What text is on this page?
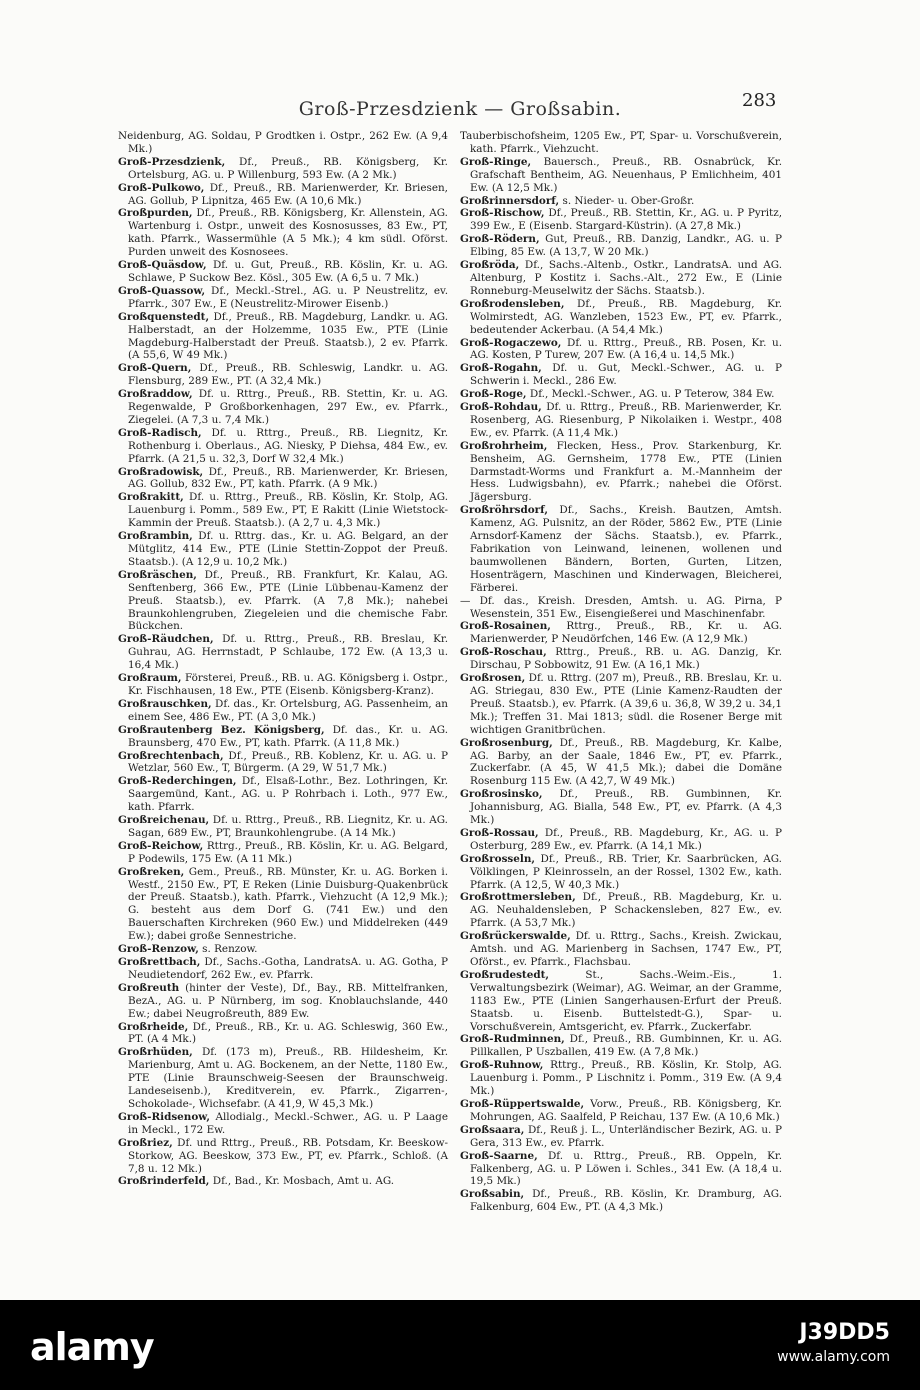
Groß-Przesdzienk — Großsabin.	283

Neidenburg, AG. Soldau, P Grodtken i. Ostpr., 262 Ew. (A 9,4 Mk.)

Groß-Przesdzienk, Df., Preuß., RB. Königsberg, Kr. Ortelsburg, AG. u. P Willenburg, 593 Ew. (A 2 Mk.)

Groß-Pulkowo, Df., Preuß., RB. Marienwerder, Kr. Briesen, AG. Gollub, P Lipnitza, 465 Ew. (A 10,6 Mk.)

Großpurden, Df., Preuß., RB. Königsberg, Kr. Allenstein, AG. Wartenburg i. Ostpr., unweit des Kosnosusses, 83 Ew., PT, kath. Pfarrk., Wassermühle (A 5 Mk.); 4 km südl. Oförst. Purden unweit des Kosnosees.

Groß-Quäsdow, Df. u. Gut, Preuß., RB. Köslin, Kr. u. AG. Schlawe, P Suckow Bez. Kösl., 305 Ew. (A 6,5 u. 7 Mk.)

Groß-Quassow, Df., Meckl.-Strel., AG. u. P Neustrelitz, ev. Pfarrk., 307 Ew., E (Neustrelitz-Mirower Eisenb.)

Großquenstedt, Df., Preuß., RB. Magdeburg, Landkr. u. AG. Halberstadt, an der Holzemme, 1035 Ew., PTE (Linie Magdeburg-Halberstadt der Preuß. Staatsb.), 2 ev. Pfarrk. (A 55,6, W 49 Mk.)

Groß-Quern, Df., Preuß., RB. Schleswig, Landkr. u. AG. Flensburg, 289 Ew., PT. (A 32,4 Mk.)

Großraddow, Df. u. Rttrg., Preuß., RB. Stettin, Kr. u. AG. Regenwalde, P Großborkenhagen, 297 Ew., ev. Pfarrk., Ziegelei. (A 7,3 u. 7,4 Mk.)

Groß-Radisch, Df. u. Rttrg., Preuß., RB. Liegnitz, Kr. Rothenburg i. Oberlaus., AG. Niesky, P Diehsa, 484 Ew., ev. Pfarrk. (A 21,5 u. 32,3, Dorf W 32,4 Mk.)

Großradowisk, Df., Preuß., RB. Marienwerder, Kr. Briesen, AG. Gollub, 832 Ew., PT, kath. Pfarrk. (A 9 Mk.)

Großrakitt, Df. u. Rttrg., Preuß., RB. Köslin, Kr. Stolp, AG. Lauenburg i. Pomm., 589 Ew., PT, E Rakitt (Linie Wietstock-Kammin der Preuß. Staatsb.). (A 2,7 u. 4,3 Mk.)

Großrambin, Df. u. Rttrg. das., Kr. u. AG. Belgard, an der Mütglitz, 414 Ew., PTE (Linie Stettin-Zoppot der Preuß. Staatsb.). (A 12,9 u. 10,2 Mk.)

Großräschen, Df., Preuß., RB. Frankfurt, Kr. Kalau, AG. Senftenberg, 366 Ew., PTE (Linie Lübbenau-Kamenz der Preuß. Staatsb.), ev. Pfarrk. (A 7,8 Mk.); nahebei Braunkohlengruben, Ziegeleien und die chemische Fabr. Bückchen.

Groß-Räudchen, Df. u. Rttrg., Preuß., RB. Breslau, Kr. Guhrau, AG. Herrnstadt, P Schlaube, 172 Ew. (A 13,3 u. 16,4 Mk.)

Großraum, Försterei, Preuß., RB. u. AG. Königsberg i. Ostpr., Kr. Fischhausen, 18 Ew., PTE (Eisenb. Königsberg-Kranz).

Großrauschken, Df. das., Kr. Ortelsburg, AG. Passenheim, an einem See, 486 Ew., PT. (A 3,0 Mk.)

Großrautenberg Bez. Königsberg, Df. das., Kr. u. AG. Braunsberg, 470 Ew., PT, kath. Pfarrk. (A 11,8 Mk.)

Großrechtenbach, Df., Preuß., RB. Koblenz, Kr. u. AG. u. P Wetzlar, 560 Ew., T, Bürgerm. (A 29, W 51,7 Mk.)

Groß-Rederchingen, Df., Elsaß-Lothr., Bez. Lothringen, Kr. Saargemünd, Kant., AG. u. P Rohrbach i. Loth., 977 Ew., kath. Pfarrk.

Großreichenau, Df. u. Rttrg., Preuß., RB. Liegnitz, Kr. u. AG. Sagan, 689 Ew., PT, Braunkohlengrube. (A 14 Mk.)

Groß-Reichow, Rttrg., Preuß., RB. Köslin, Kr. u. AG. Belgard, P Podewils, 175 Ew. (A 11 Mk.)

Großreken, Gem., Preuß., RB. Münster, Kr. u. AG. Borken i. Westf., 2150 Ew., PT, E Reken (Linie Duisburg-Quakenbrück der Preuß. Staatsb.), kath. Pfarrk., Viehzucht (A 12,9 Mk.); G. besteht aus dem Dorf G. (741 Ew.) und den Bauerschaften Kirchreken (960 Ew.) und Middelreken (449 Ew.); dabei große Sennestriche.

Groß-Renzow, s. Renzow.

Großrettbach, Df., Sachs.-Gotha, LandratsA. u. AG. Gotha, P Neudietendorf, 262 Ew., ev. Pfarrk.

Großreuth (hinter der Veste), Df., Bay., RB. Mittelfranken, BezA., AG. u. P Nürnberg, im sog. Knoblauchslande, 440 Ew.; dabei Neugroßreuth, 889 Ew.

Großrheide, Df., Preuß., RB., Kr. u. AG. Schleswig, 360 Ew., PT. (A 4 Mk.)

Großrhüden, Df. (173 m), Preuß., RB. Hildesheim, Kr. Marienburg, Amt u. AG. Bockenem, an der Nette, 1180 Ew., PTE (Linie Braunschweig-Seesen der Braunschweig. Landeseisenb.), Kreditverein, ev. Pfarrk., Zigarren-, Schokolade-, Wichsefabr. (A 41,9, W 45,3 Mk.)

Groß-Ridsenow, Allodialg., Meckl.-Schwer., AG. u. P Laage in Meckl., 172 Ew.

Großriez, Df. und Rttrg., Preuß., RB. Potsdam, Kr. Beeskow-Storkow, AG. Beeskow, 373 Ew., PT, ev. Pfarrk., Schloß. (A 7,8 u. 12 Mk.)

Großrinderfeld, Df., Bad., Kr. Mosbach, Amt u. AG.

Tauberbischofsheim, 1205 Ew., PT, Spar- u. Vorschußverein, kath. Pfarrk., Viehzucht.

Groß-Ringe, Bauersch., Preuß., RB. Osnabrück, Kr. Grafschaft Bentheim, AG. Neuenhaus, P Emlichheim, 401 Ew. (A 12,5 Mk.)

Großrinnersdorf, s. Nieder- u. Ober-Großr.

Groß-Rischow, Df., Preuß., RB. Stettin, Kr., AG. u. P Pyritz, 399 Ew., E (Eisenb. Stargard-Küstrin). (A 27,8 Mk.)

Groß-Rödern, Gut, Preuß., RB. Danzig, Landkr., AG. u. P Elbing, 85 Ew. (A 13,7, W 20 Mk.)

Großröda, Df., Sachs.-Altenb., Ostkr., LandratsA. und AG. Altenburg, P Kostitz i. Sachs.-Alt., 272 Ew., E (Linie Ronneburg-Meuselwitz der Sächs. Staatsb.).

Großrodensleben, Df., Preuß., RB. Magdeburg, Kr. Wolmirstedt, AG. Wanzleben, 1523 Ew., PT, ev. Pfarrk., bedeutender Ackerbau. (A 54,4 Mk.)

Groß-Rogaczewo, Df. u. Rttrg., Preuß., RB. Posen, Kr. u. AG. Kosten, P Turew, 207 Ew. (A 16,4 u. 14,5 Mk.)

Groß-Rogahn, Df. u. Gut, Meckl.-Schwer., AG. u. P Schwerin i. Meckl., 286 Ew.

Groß-Roge, Df., Meckl.-Schwer., AG. u. P Teterow, 384 Ew.

Groß-Rohdau, Df. u. Rttrg., Preuß., RB. Marienwerder, Kr. Rosenberg, AG. Riesenburg, P Nikolaiken i. Westpr., 408 Ew., ev. Pfarrk. (A 11,4 Mk.)

Großrohrheim, Flecken, Hess., Prov. Starkenburg, Kr. Bensheim, AG. Gernsheim, 1778 Ew., PTE (Linien Darmstadt-Worms und Frankfurt a. M.-Mannheim der Hess. Ludwigsbahn), ev. Pfarrk.; nahebei die Oförst. Jägersburg.

Großröhrsdorf, Df., Sachs., Kreish. Bautzen, Amtsh. Kamenz, AG. Pulsnitz, an der Röder, 5862 Ew., PTE (Linie Arnsdorf-Kamenz der Sächs. Staatsb.), ev. Pfarrk., Fabrikation von Leinwand, leinenen, wollenen und baumwollenen Bändern, Borten, Gurten, Litzen, Hosenträgern, Maschinen und Kinderwagen, Bleicherei, Färberei.

— Df. das., Kreish. Dresden, Amtsh. u. AG. Pirna, P Wesenstein, 351 Ew., Eisengießerei und Maschinenfabr.

Groß-Rosainen, Rttrg., Preuß., RB., Kr. u. AG. Marienwerder, P Neudörfchen, 146 Ew. (A 12,9 Mk.)

Groß-Roschau, Rttrg., Preuß., RB. u. AG. Danzig, Kr. Dirschau, P Sobbowitz, 91 Ew. (A 16,1 Mk.)

Großrosen, Df. u. Rttrg. (207 m), Preuß., RB. Breslau, Kr. u. AG. Striegau, 830 Ew., PTE (Linie Kamenz-Raudten der Preuß. Staatsb.), ev. Pfarrk. (A 39,6 u. 36,8, W 39,2 u. 34,1 Mk.); Treffen 31. Mai 1813; südl. die Rosener Berge mit wichtigen Granitbrüchen.

Großrosenburg, Df., Preuß., RB. Magdeburg, Kr. Kalbe, AG. Barby, an der Saale, 1846 Ew., PT, ev. Pfarrk., Zuckerfabr. (A 45, W 41,5 Mk.); dabei die Domäne Rosenburg 115 Ew. (A 42,7, W 49 Mk.)

Großrosinsko, Df., Preuß., RB. Gumbinnen, Kr. Johannisburg, AG. Bialla, 548 Ew., PT, ev. Pfarrk. (A 4,3 Mk.)

Groß-Rossau, Df., Preuß., RB. Magdeburg, Kr., AG. u. P Osterburg, 289 Ew., ev. Pfarrk. (A 14,1 Mk.)

Großrosseln, Df., Preuß., RB. Trier, Kr. Saarbrücken, AG. Völklingen, P Kleinrosseln, an der Rossel, 1302 Ew., kath. Pfarrk. (A 12,5, W 40,3 Mk.)

Großrottmersleben, Df., Preuß., RB. Magdeburg, Kr. u. AG. Neuhaldensleben, P Schackensleben, 827 Ew., ev. Pfarrk. (A 53,7 Mk.)

Großrückerswalde, Df. u. Rttrg., Sachs., Kreish. Zwickau, Amtsh. und AG. Marienberg in Sachsen, 1747 Ew., PT, Oförst., ev. Pfarrk., Flachsbau.

Großrudestedt,	St., Sachs.-Weim.-Eis., 1. Verwaltungsbezirk (Weimar), AG. Weimar, an der Gramme, 1183 Ew., PTE (Linien Sangerhausen-Erfurt der Preuß. Staatsb. u. Eisenb. Buttelstedt-G.), Spar- u. Vorschußverein, Amtsgericht, ev. Pfarrk., Zuckerfabr.

Groß-Rudminnen, Df., Preuß., RB. Gumbinnen, Kr. u. AG. Pillkallen, P Uszballen, 419 Ew. (A 7,8 Mk.)

Groß-Ruhnow, Rttrg., Preuß., RB. Köslin, Kr. Stolp, AG. Lauenburg i. Pomm., P Lischnitz i. Pomm., 319 Ew. (A 9,4 Mk.)

Groß-Rüppertswalde, Vorw., Preuß., RB. Königsberg, Kr. Mohrungen, AG. Saalfeld, P Reichau, 137 Ew. (A 10,6 Mk.)

Großsaara, Df., Reuß j. L., Unterländischer Bezirk, AG. u. P Gera, 313 Ew., ev. Pfarrk.

Groß-Saarne, Df. u. Rttrg., Preuß., RB. Oppeln, Kr. Falkenberg, AG. u. P Löwen i. Schles., 341 Ew. (A 18,4 u. 19,5 Mk.)

Großsabin, Df., Preuß., RB. Köslin, Kr. Dramburg, AG. Falkenburg, 604 Ew., PT. (A 4,3 Mk.)

alamy	J39DD5
www.alamy.com
